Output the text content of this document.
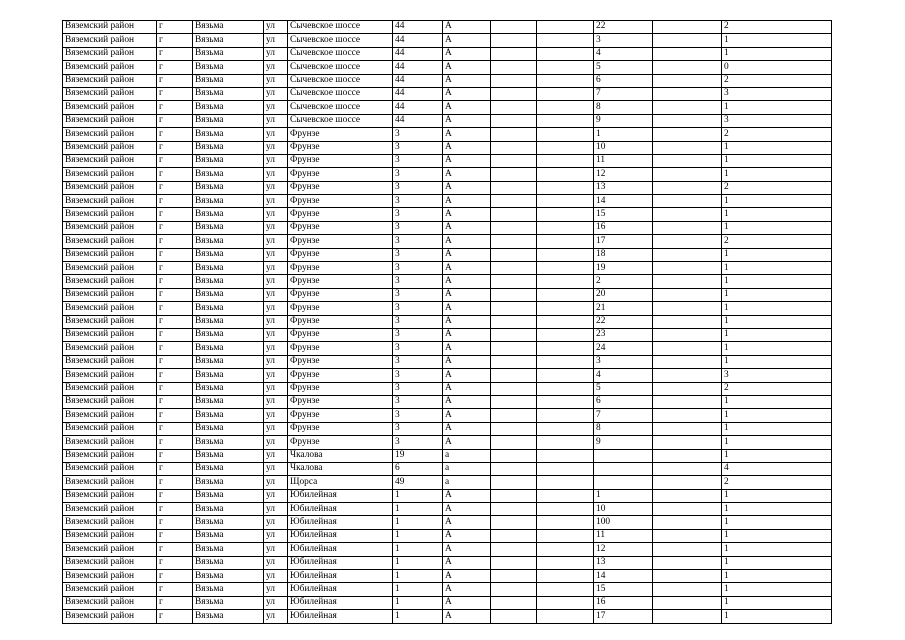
Вяземский район	г	Вязьма	ул	Сычевское шоссе	44	А			22		2
Вяземский район	г	Вязьма	ул	Сычевское шоссе	44	А			3		1
Вяземский район	г	Вязьма	ул	Сычевское шоссе	44	А			4		1
Вяземский район	г	Вязьма	ул	Сычевское шоссе	44	А			5		0
Вяземский район	г	Вязьма	ул	Сычевское шоссе	44	А			6		2
Вяземский район	г	Вязьма	ул	Сычевское шоссе	44	А			7		3
Вяземский район	г	Вязьма	ул	Сычевское шоссе	44	А			8		1
Вяземский район	г	Вязьма	ул	Сычевское шоссе	44	А			9		3
Вяземский район	г	Вязьма	ул	Фрунзе	3	А			1		2
Вяземский район	г	Вязьма	ул	Фрунзе	3	А			10		1
Вяземский район	г	Вязьма	ул	Фрунзе	3	А			11		1
Вяземский район	г	Вязьма	ул	Фрунзе	3	А			12		1
Вяземский район	г	Вязьма	ул	Фрунзе	3	А			13		2
Вяземский район	г	Вязьма	ул	Фрунзе	3	А			14		1
Вяземский район	г	Вязьма	ул	Фрунзе	3	А			15		1
Вяземский район	г	Вязьма	ул	Фрунзе	3	А			16		1
Вяземский район	г	Вязьма	ул	Фрунзе	3	А			17		2
Вяземский район	г	Вязьма	ул	Фрунзе	3	А			18		1
Вяземский район	г	Вязьма	ул	Фрунзе	3	А			19		1
Вяземский район	г	Вязьма	ул	Фрунзе	3	А			2		1
Вяземский район	г	Вязьма	ул	Фрунзе	3	А			20		1
Вяземский район	г	Вязьма	ул	Фрунзе	3	А			21		1
Вяземский район	г	Вязьма	ул	Фрунзе	3	А			22		1
Вяземский район	г	Вязьма	ул	Фрунзе	3	А			23		1
Вяземский район	г	Вязьма	ул	Фрунзе	3	А			24		1
Вяземский район	г	Вязьма	ул	Фрунзе	3	А			3		1
Вяземский район	г	Вязьма	ул	Фрунзе	3	А			4		3
Вяземский район	г	Вязьма	ул	Фрунзе	3	А			5		2
Вяземский район	г	Вязьма	ул	Фрунзе	3	А			6		1
Вяземский район	г	Вязьма	ул	Фрунзе	3	А			7		1
Вяземский район	г	Вязьма	ул	Фрунзе	3	А			8		1
Вяземский район	г	Вязьма	ул	Фрунзе	3	А			9		1
Вяземский район	г	Вязьма	ул	Чкалова	19	а					1
Вяземский район	г	Вязьма	ул	Чкалова	6	а					4
Вяземский район	г	Вязьма	ул	Щорса	49	а					2
Вяземский район	г	Вязьма	ул	Юбилейная	1	А			1		1
Вяземский район	г	Вязьма	ул	Юбилейная	1	А			10		1
Вяземский район	г	Вязьма	ул	Юбилейная	1	А			100		1
Вяземский район	г	Вязьма	ул	Юбилейная	1	А			11		1
Вяземский район	г	Вязьма	ул	Юбилейная	1	А			12		1
Вяземский район	г	Вязьма	ул	Юбилейная	1	А			13		1
Вяземский район	г	Вязьма	ул	Юбилейная	1	А			14		1
Вяземский район	г	Вязьма	ул	Юбилейная	1	А			15		1
Вяземский район	г	Вязьма	ул	Юбилейная	1	А			16		1
Вяземский район	г	Вязьма	ул	Юбилейная	1	А			17		1
